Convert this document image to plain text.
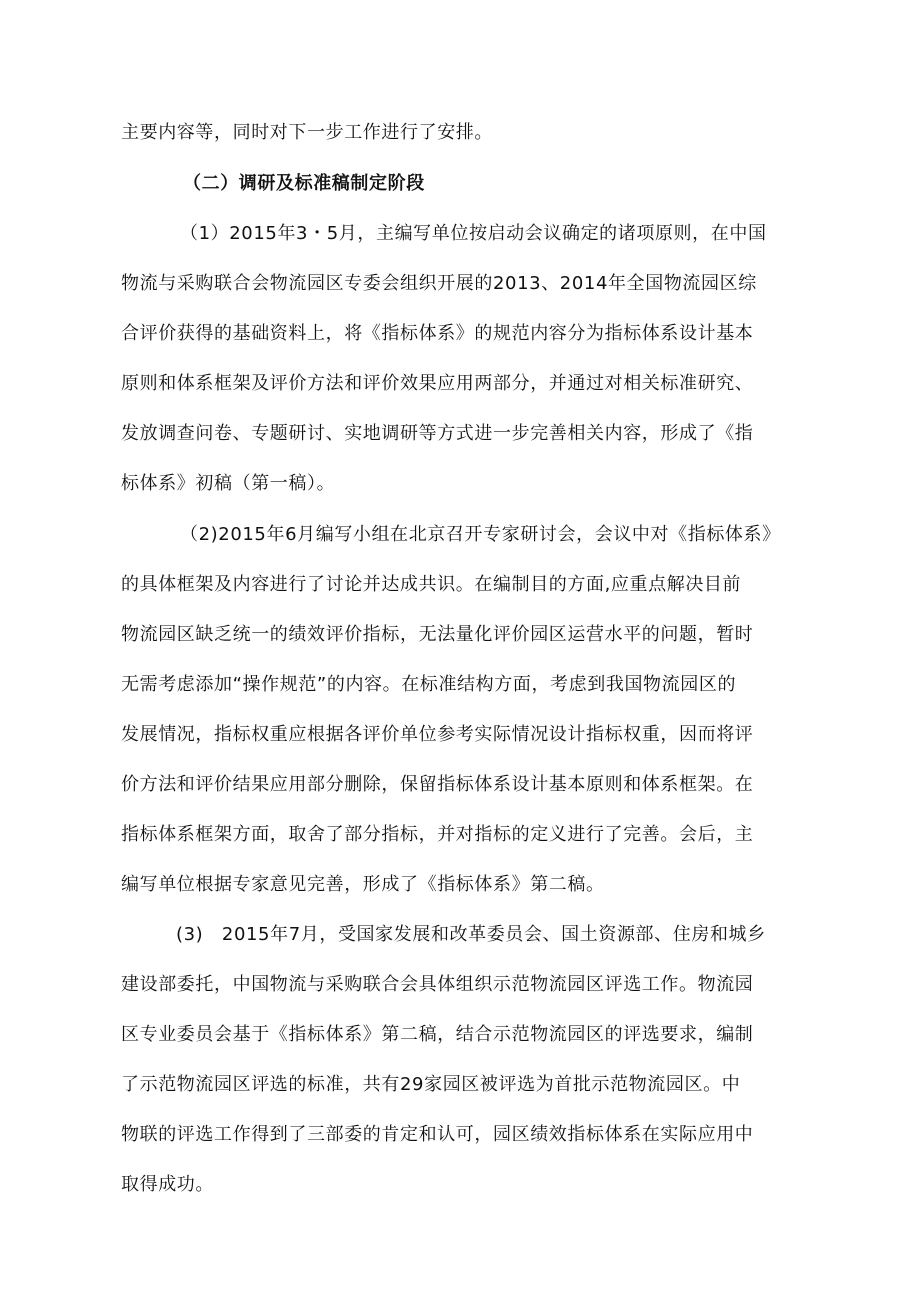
主要内容等，同时对下一步工作进行了安排。
（二）调研及标准稿制定阶段
（1）2015年3・5月，主编写单位按启动会议确定的诸项原则，在中国
物流与采购联合会物流园区专委会组织开展的2013、2014年全国物流园区综
合评价获得的基础资料上，将《指标体系》的规范内容分为指标体系设计基本
原则和体系框架及评价方法和评价效果应用两部分，并通过对相关标准研究、
发放调查问卷、专题研讨、实地调研等方式进一步完善相关内容，形成了《指
标体系》初稿（第一稿）。
（2)2015年6月编写小组在北京召开专家研讨会，会议中对《指标体系》
的具体框架及内容进行了讨论并达成共识。在编制目的方面,应重点解决目前
物流园区缺乏统一的绩效评价指标，无法量化评价园区运营水平的问题，暂时
无需考虑添加“操作规范”的内容。在标准结构方面，考虑到我国物流园区的
发展情况，指标权重应根据各评价单位参考实际情况设计指标权重，因而将评
价方法和评价结果应用部分删除，保留指标体系设计基本原则和体系框架。在
指标体系框架方面，取舍了部分指标，并对指标的定义进行了完善。会后，主
编写单位根据专家意见完善，形成了《指标体系》第二稿。
(3)　2015年7月，受国家发展和改革委员会、国土资源部、住房和城乡
建设部委托，中国物流与采购联合会具体组织示范物流园区评选工作。物流园
区专业委员会基于《指标体系》第二稿，结合示范物流园区的评选要求，编制
了示范物流园区评选的标准，共有29家园区被评选为首批示范物流园区。中
物联的评选工作得到了三部委的肯定和认可，园区绩效指标体系在实际应用中
取得成功。
